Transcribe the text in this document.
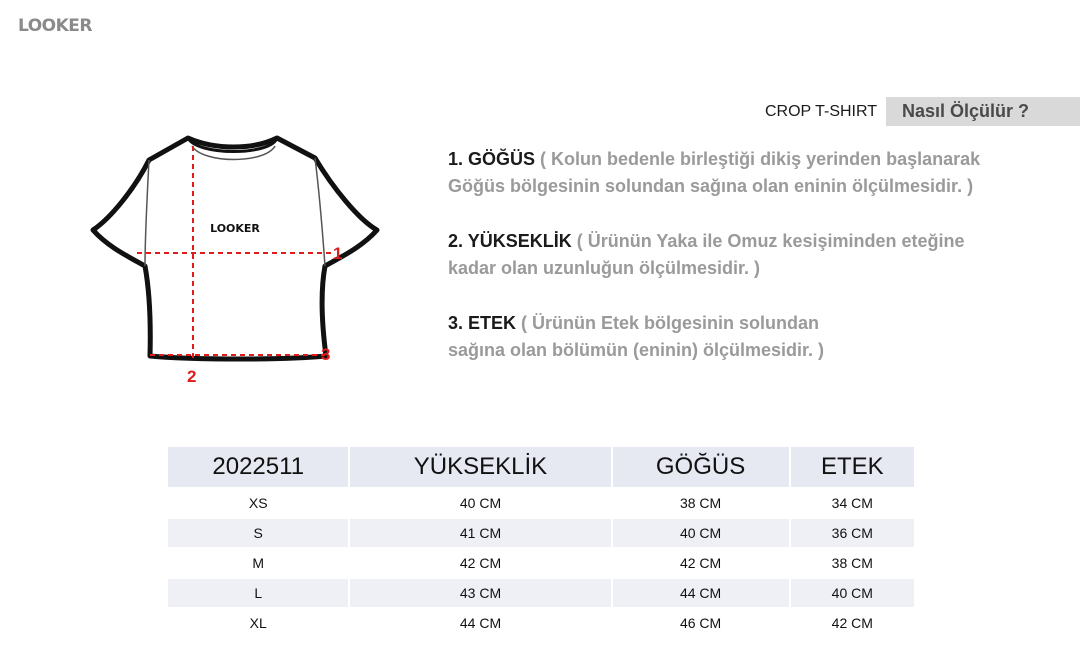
LOOKER
CROP T-SHIRT	Nasıl Ölçülür ?
LOOKER
1
2
3

1. GÖĞÜS ( Kolun bedenle birleştiği dikiş yerinden başlanarak
Göğüs bölgesinin solundan sağına olan eninin ölçülmesidir. )

2. YÜKSEKLİK ( Ürünün Yaka ile Omuz kesişiminden eteğine
kadar olan uzunluğun ölçülmesidir. )

3. ETEK ( Ürünün Etek bölgesinin solundan
sağına olan bölümün (eninin) ölçülmesidir. )

2022511	YÜKSEKLİK	GÖĞÜS	ETEK
XS	40 CM	38 CM	34 CM
S	41 CM	40 CM	36 CM
M	42 CM	42 CM	38 CM
L	43 CM	44 CM	40 CM
XL	44 CM	46 CM	42 CM
